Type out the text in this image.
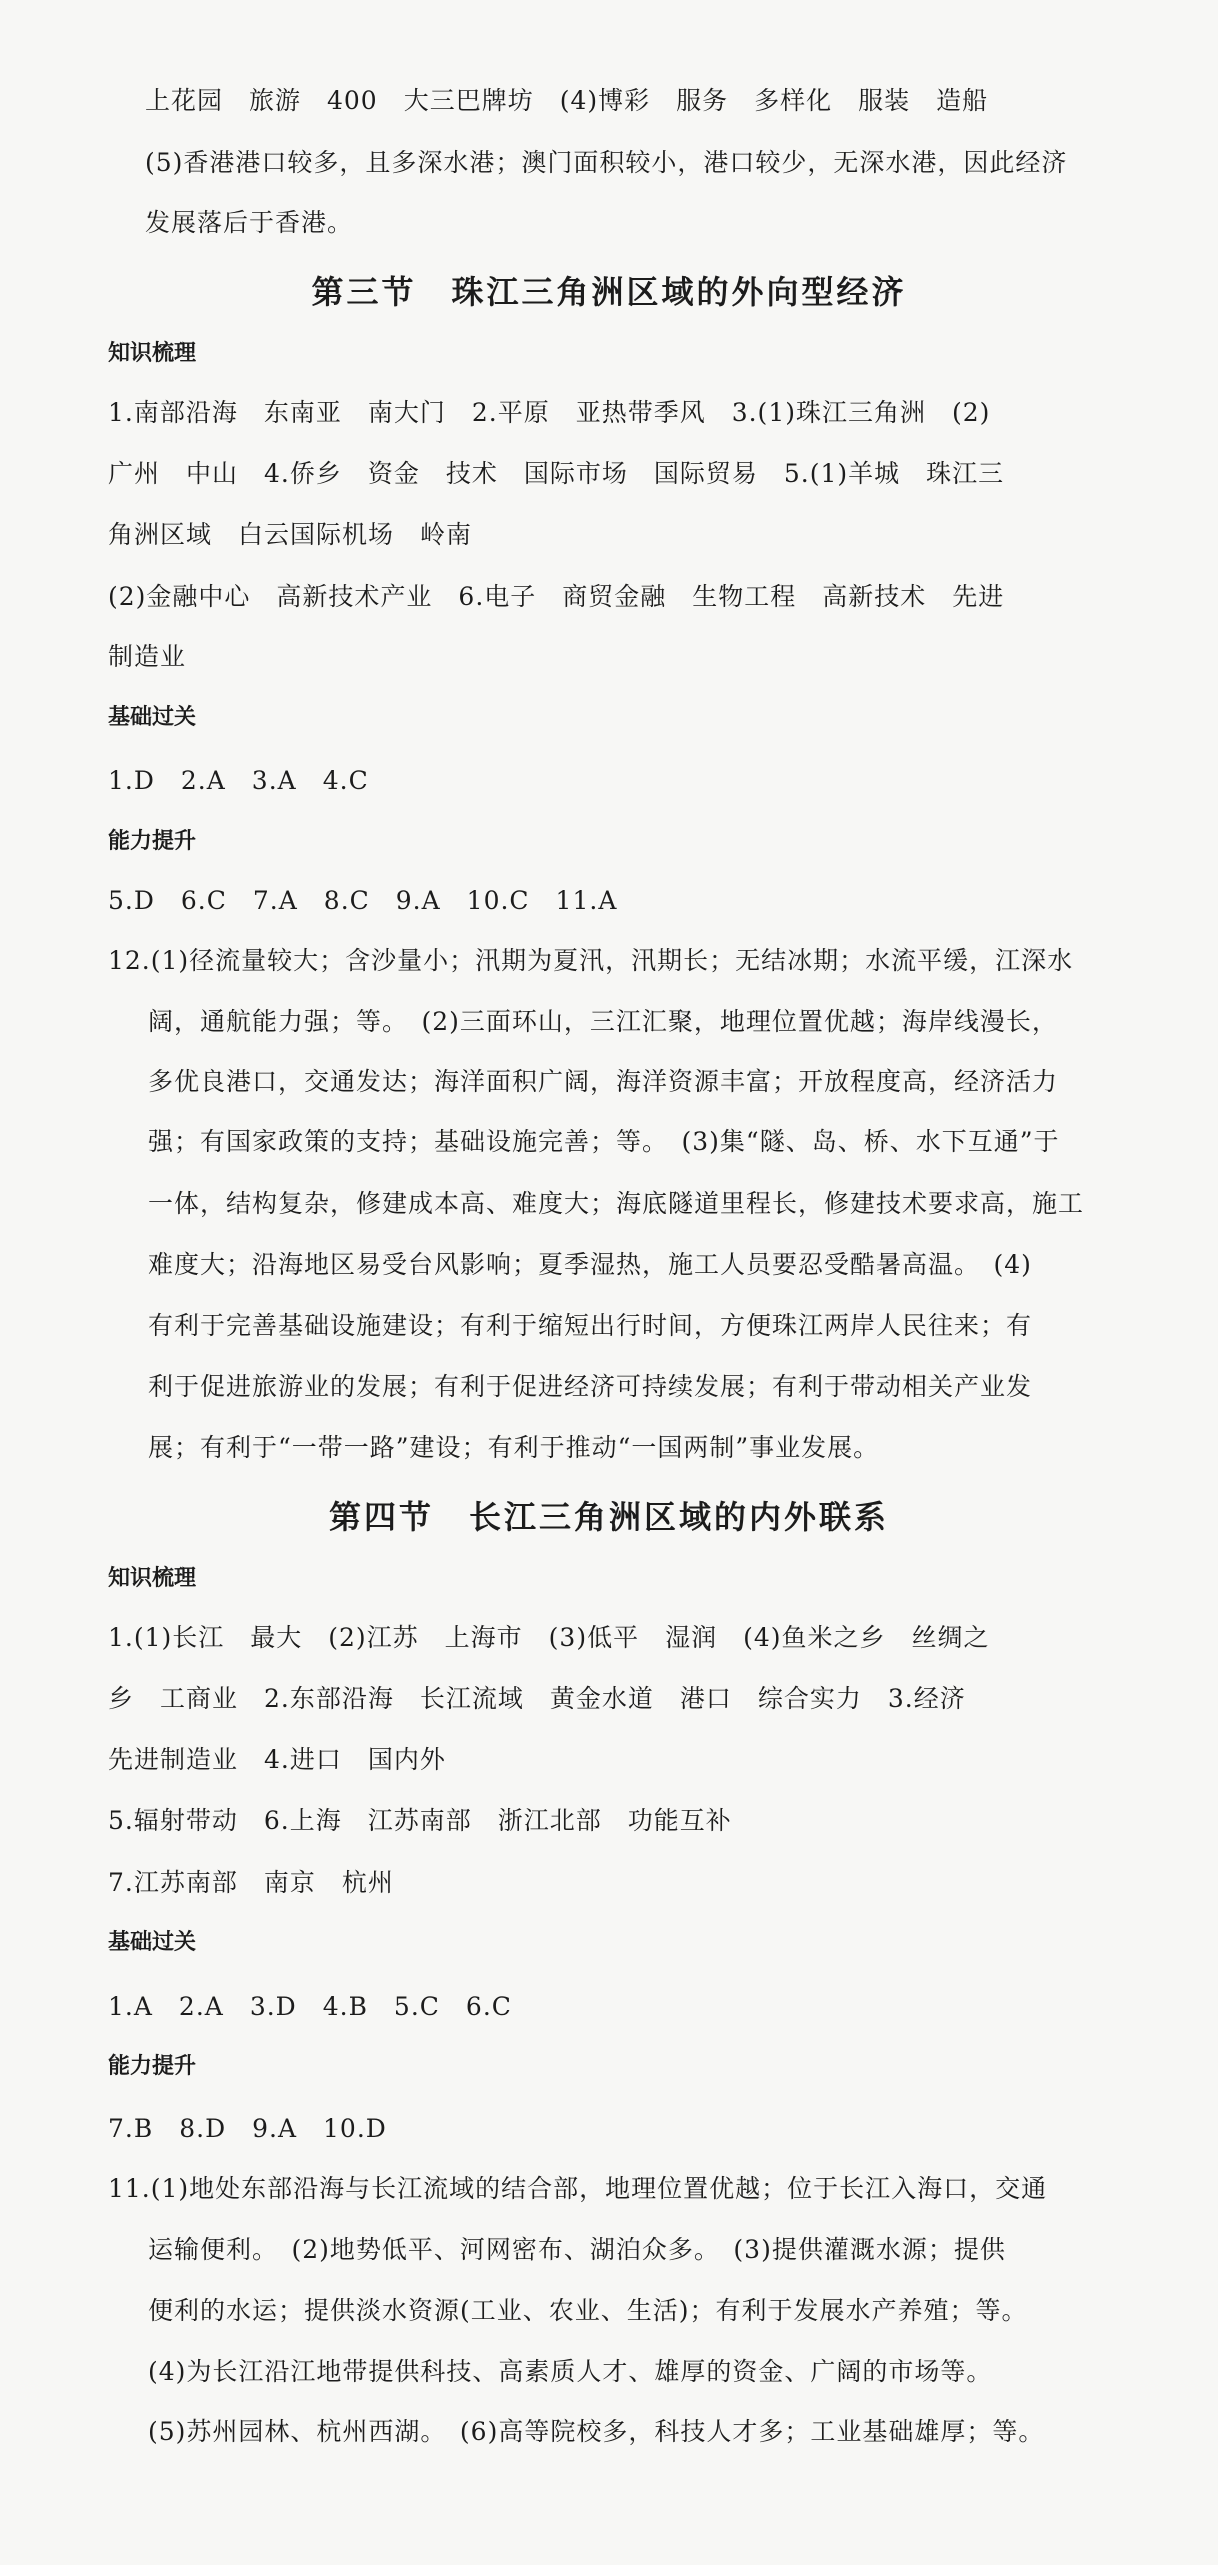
上花园　旅游　400　大三巴牌坊　(4)博彩　服务　多样化　服装　造船

(5)香港港口较多，且多深水港；澳门面积较小，港口较少，无深水港，因此经济

发展落后于香港。

第三节　珠江三角洲区域的外向型经济
知识梳理

1.南部沿海　东南亚　南大门　2.平原　亚热带季风　3.(1)珠江三角洲　(2)

广州　中山　4.侨乡　资金　技术　国际市场　国际贸易　5.(1)羊城　珠江三

角洲区域　白云国际机场　岭南

(2)金融中心　高新技术产业　6.电子　商贸金融　生物工程　高新技术　先进

制造业

基础过关

1.D　2.A　3.A　4.C

能力提升

5.D　6.C　7.A　8.C　9.A　10.C　11.A

12.(1)径流量较大；含沙量小；汛期为夏汛，汛期长；无结冰期；水流平缓，江深水

阔，通航能力强；等。　(2)三面环山，三江汇聚，地理位置优越；海岸线漫长，

多优良港口，交通发达；海洋面积广阔，海洋资源丰富；开放程度高，经济活力

强；有国家政策的支持；基础设施完善；等。　(3)集“隧、岛、桥、水下互通”于

一体，结构复杂，修建成本高、难度大；海底隧道里程长，修建技术要求高，施工

难度大；沿海地区易受台风影响；夏季湿热，施工人员要忍受酷暑高温。　(4)

有利于完善基础设施建设；有利于缩短出行时间，方便珠江两岸人民往来；有

利于促进旅游业的发展；有利于促进经济可持续发展；有利于带动相关产业发

展；有利于“一带一路”建设；有利于推动“一国两制”事业发展。

第四节　长江三角洲区域的内外联系
知识梳理

1.(1)长江　最大　(2)江苏　上海市　(3)低平　湿润　(4)鱼米之乡　丝绸之

乡　工商业　2.东部沿海　长江流域　黄金水道　港口　综合实力　3.经济

先进制造业　4.进口　国内外

5.辐射带动　6.上海　江苏南部　浙江北部　功能互补

7.江苏南部　南京　杭州

基础过关

1.A　2.A　3.D　4.B　5.C　6.C

能力提升

7.B　8.D　9.A　10.D

11.(1)地处东部沿海与长江流域的结合部，地理位置优越；位于长江入海口，交通

运输便利。　(2)地势低平、河网密布、湖泊众多。　(3)提供灌溉水源；提供

便利的水运；提供淡水资源(工业、农业、生活)；有利于发展水产养殖；等。

(4)为长江沿江地带提供科技、高素质人才、雄厚的资金、广阔的市场等。

(5)苏州园林、杭州西湖。　(6)高等院校多，科技人才多；工业基础雄厚；等。
